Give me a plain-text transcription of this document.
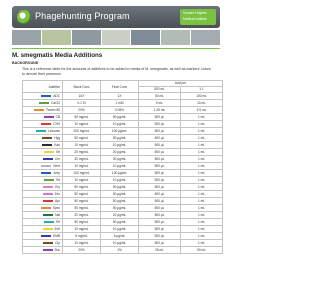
Phagehunting Program	Howard Hughes
Medical Institute
M. smegmatis Media Additions
BACKGROUND
This is a reference table for the amounts of additives to be added to media of M. smegmatis, as well as markers' colors to denote their presence.
Additive	Stock Conc	Final Conc	Add per	
			500 mL	1 L
ADC	10X	1X	50 mL	100 mL
CaCl2	0.1 M	1 mM	5 mL	10 mL
Tween-80	20%	0.05%	1.25 mL	2.5 mL
CB	50 mg/mL	50 μg/mL	500 μL	1 mL
CHX	10 mg/mL	10 μg/mL	500 μL	1 mL
Lincomc	100 mg/mL	100 μg/mL	500 μL	1 mL
Hyg	50 mg/mL	50 μg/mL	500 μL	1 mL
Kan	10 mg/mL	10 μg/mL	500 μL	1 mL
Str	20 mg/mL	20 μg/mL	500 μL	1 mL
Cm	30 mg/mL	30 μg/mL	500 μL	1 mL
Gent	10 mg/mL	10 μg/mL	500 μL	1 mL
Amp	100 mg/mL	100 μg/mL	500 μL	1 mL
Tet	10 mg/mL	10 μg/mL	500 μL	1 mL
Ery	50 mg/mL	50 μg/mL	500 μL	1 mL
Zeo	50 mg/mL	50 μg/mL	500 μL	1 mL
Apr	50 mg/mL	50 μg/mL	500 μL	1 mL
Spec	50 mg/mL	50 μg/mL	500 μL	1 mL
Nal	20 mg/mL	20 μg/mL	500 μL	1 mL
Rif	50 mg/mL	50 μg/mL	500 μL	1 mL
INH	10 mg/mL	10 μg/mL	500 μL	1 mL
EMB	5 mg/mL	5 μg/mL	500 μL	1 mL
Cip	10 mg/mL	10 μg/mL	500 μL	1 mL
Suc	20%	1%	25 mL	50 mL
